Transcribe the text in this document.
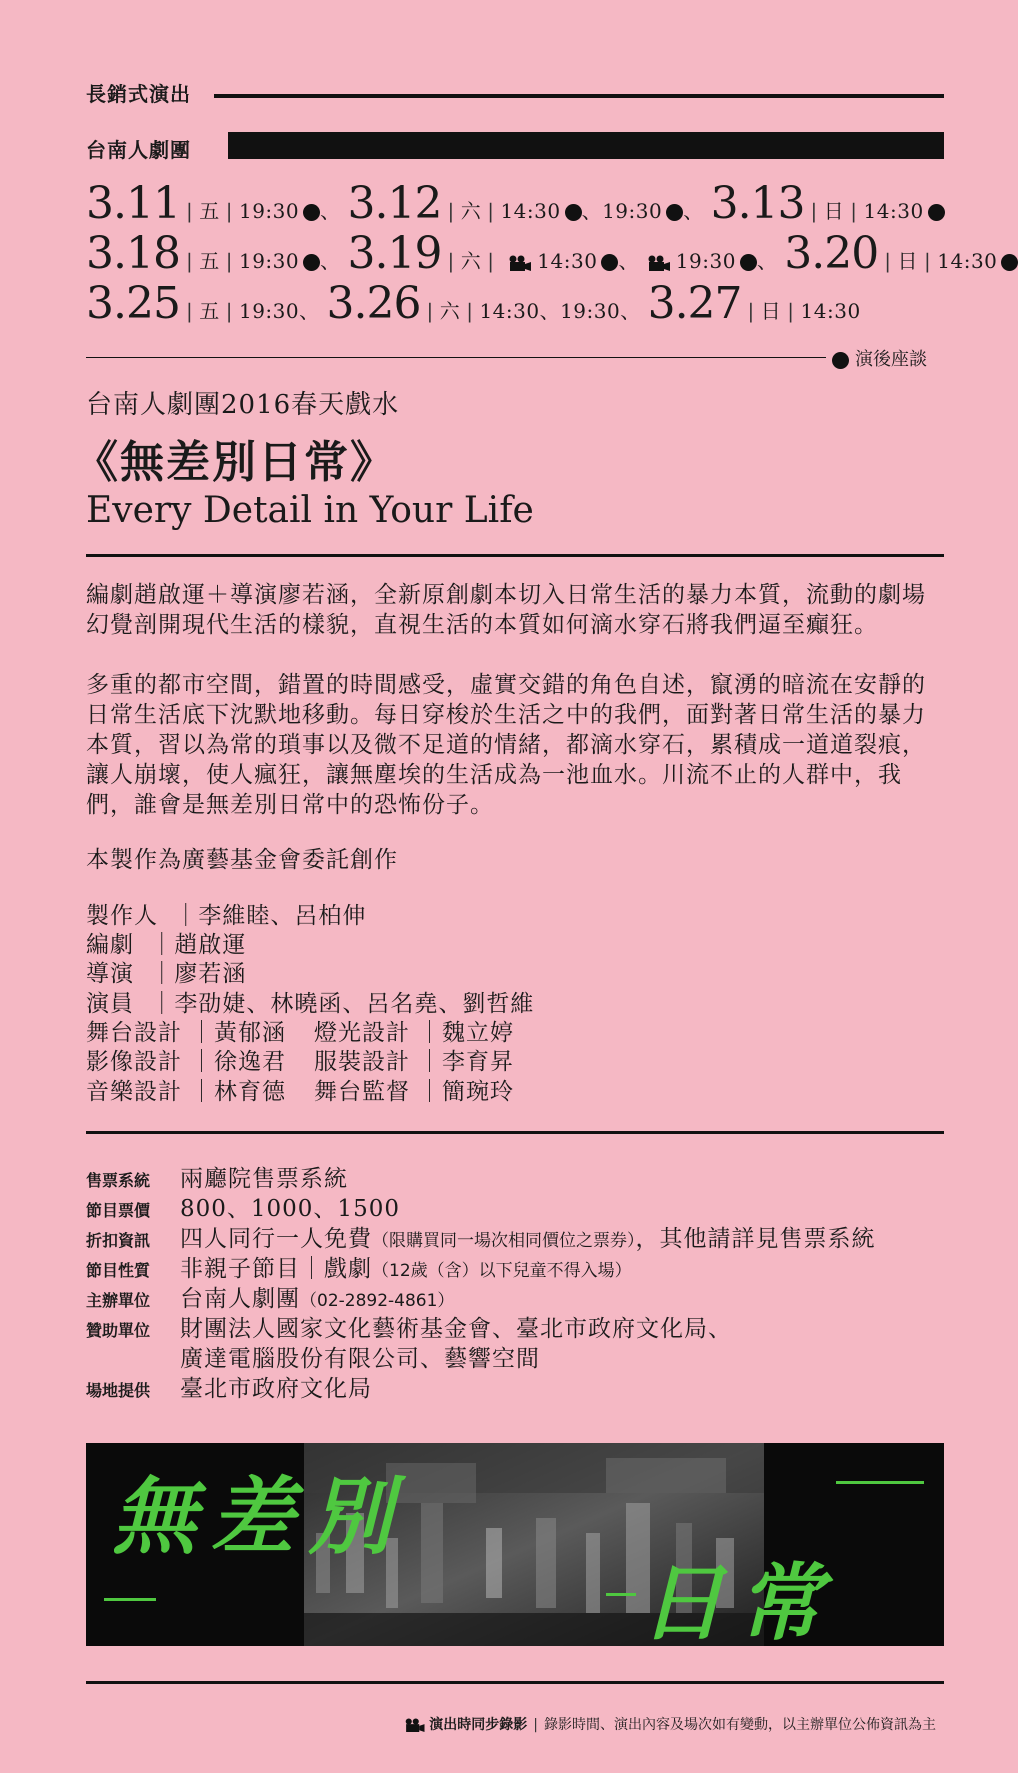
長銷式演出
台南人劇團
3.11 | 五 | 19:30 、 3.12 | 六 | 14:30 、19:30 、 3.13 | 日 | 14:30
3.18 | 五 | 19:30 、 3.19 | 六 | 14:30 、 19:30 、 3.20 | 日 | 14:30
3.25 | 五 | 19:30、 3.26 | 六 | 14:30、19:30、 3.27 | 日 | 14:30
演後座談
台南人劇團2016春天戲水
《無差別日常》
Every Detail in Your Life
編劇趙啟運＋導演廖若涵，全新原創劇本切入日常生活的暴力本質，流動的劇場幻覺剖開現代生活的樣貌，直視生活的本質如何滴水穿石將我們逼至癲狂。
多重的都市空間，錯置的時間感受，虛實交錯的角色自述，竄湧的暗流在安靜的日常生活底下沈默地移動。每日穿梭於生活之中的我們，面對著日常生活的暴力本質，習以為常的瑣事以及微不足道的情緒，都滴水穿石，累積成一道道裂痕，讓人崩壞，使人瘋狂，讓無塵埃的生活成為一池血水。川流不止的人群中，我們，誰會是無差別日常中的恐怖份子。
本製作為廣藝基金會委託創作
製作人 ｜李維睦、呂柏伸
編劇 ｜趙啟運
導演 ｜廖若涵
演員 ｜李劭婕、林曉函、呂名堯、劉哲維
舞台設計 ｜黃郁涵 燈光設計 ｜魏立婷
影像設計 ｜徐逸君 服裝設計 ｜李育昇
音樂設計 ｜林育德 舞台監督 ｜簡琬玲
售票系統 兩廳院售票系統
節目票價 800、1000、1500
折扣資訊 四人同行一人免費（限購買同一場次相同價位之票券），其他請詳見售票系統
節目性質 非親子節目｜戲劇（12歲（含）以下兒童不得入場）
主辦單位 台南人劇團（02-2892-4861）
贊助單位 財團法人國家文化藝術基金會、臺北市政府文化局、
廣達電腦股份有限公司、藝響空間
場地提供 臺北市政府文化局
無差別
日常
演出時同步錄影 | 錄影時間、演出內容及場次如有變動，以主辦單位公佈資訊為主
